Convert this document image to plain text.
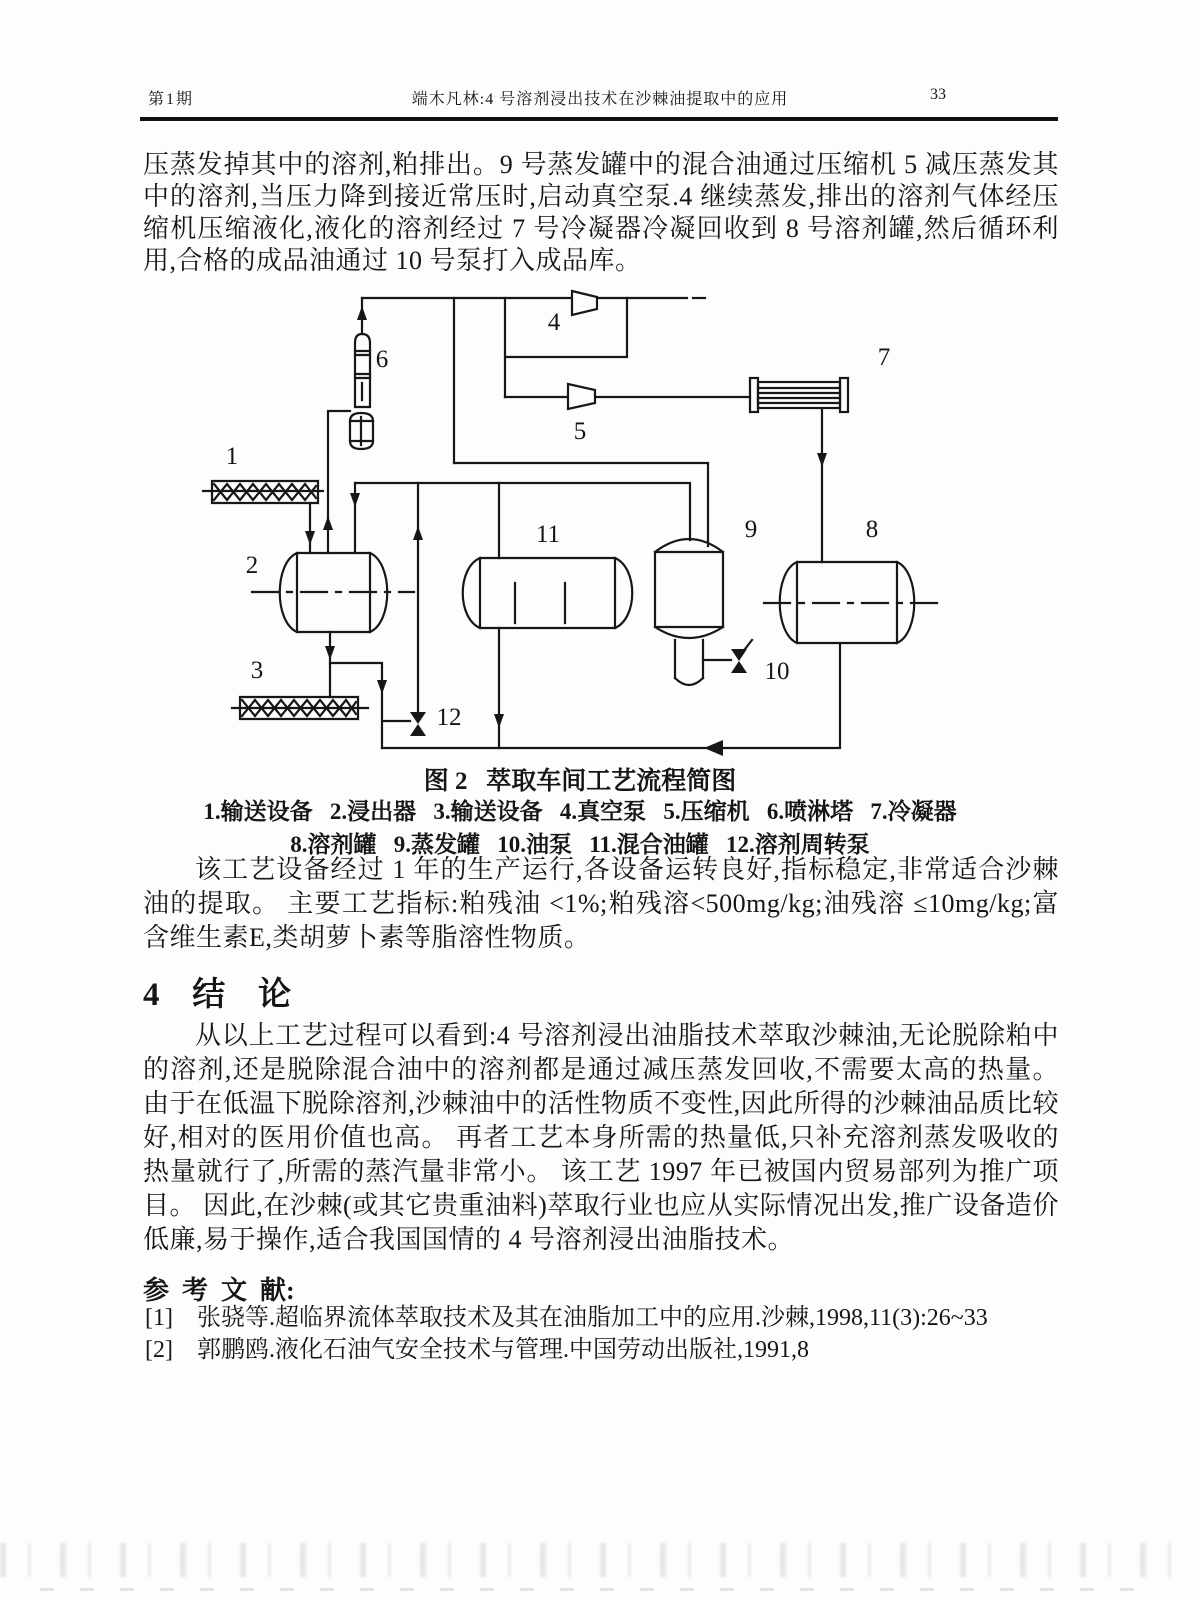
第1期	端木凡林:4 号溶剂浸出技术在沙棘油提取中的应用	33
压蒸发掉其中的溶剂,粕排出。9 号蒸发罐中的混合油通过压缩机 5 减压蒸发其中的溶剂,当压力降到接近常压时,启动真空泵.4 继续蒸发,排出的溶剂气体经压缩机压缩液化,液化的溶剂经过 7 号冷凝器冷凝回收到 8 号溶剂罐,然后循环利用,合格的成品油通过 10 号泵打入成品库。
1
2
3
4
5
6	7
8
9
10
11
12
图 2   萃取车间工艺流程简图
1.输送设备   2.浸出器   3.输送设备   4.真空泵   5.压缩机   6.喷淋塔   7.冷凝器
8.溶剂罐   9.蒸发罐   10.油泵   11.混合油罐   12.溶剂周转泵
该工艺设备经过 1 年的生产运行,各设备运转良好,指标稳定,非常适合沙棘油的提取。 主要工艺指标:粕残油 <1%;粕残溶<500mg/kg;油残溶 ≤10mg/kg;富含维生素E,类胡萝卜素等脂溶性物质。
4   结   论
从以上工艺过程可以看到:4 号溶剂浸出油脂技术萃取沙棘油,无论脱除粕中的溶剂,还是脱除混合油中的溶剂都是通过减压蒸发回收,不需要太高的热量。 由于在低温下脱除溶剂,沙棘油中的活性物质不变性,因此所得的沙棘油品质比较好,相对的医用价值也高。 再者工艺本身所需的热量低,只补充溶剂蒸发吸收的热量就行了,所需的蒸汽量非常小。 该工艺 1997 年已被国内贸易部列为推广项目。 因此,在沙棘(或其它贵重油料)萃取行业也应从实际情况出发,推广设备造价低廉,易于操作,适合我国国情的 4 号溶剂浸出油脂技术。
参  考  文  献:
[1] 张骁等.超临界流体萃取技术及其在油脂加工中的应用.沙棘,1998,11(3):26~33
[2] 郭鹏鸥.液化石油气安全技术与管理.中国劳动出版社,1991,8
